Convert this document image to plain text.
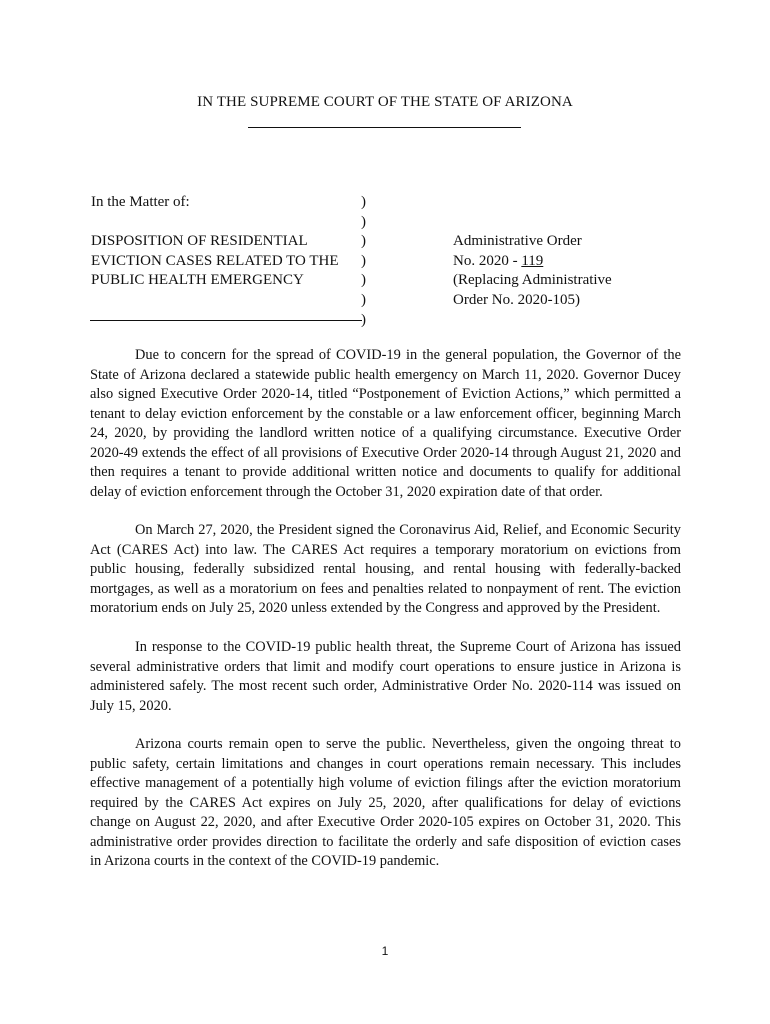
IN THE SUPREME COURT OF THE STATE OF ARIZONA
In the Matter of:
DISPOSITION OF RESIDENTIAL
EVICTION CASES RELATED TO THE
PUBLIC HEALTH EMERGENCY
)
)
)
)
)
)
)
Administrative Order
No. 2020 - 119
(Replacing Administrative
Order No. 2020-105)

Due to concern for the spread of COVID-19 in the general population, the Governor of the State of Arizona declared a statewide public health emergency on March 11, 2020. Governor Ducey also signed Executive Order 2020-14, titled “Postponement of Eviction Actions,” which permitted a tenant to delay eviction enforcement by the constable or a law enforcement officer, beginning March 24, 2020, by providing the landlord written notice of a qualifying circumstance. Executive Order 2020-49 extends the effect of all provisions of Executive Order 2020-14 through August 21, 2020 and then requires a tenant to provide additional written notice and documents to qualify for additional delay of eviction enforcement through the October 31, 2020 expiration date of that order.

On March 27, 2020, the President signed the Coronavirus Aid, Relief, and Economic Security Act (CARES Act) into law. The CARES Act requires a temporary moratorium on evictions from public housing, federally subsidized rental housing, and rental housing with federally-backed mortgages, as well as a moratorium on fees and penalties related to nonpayment of rent. The eviction moratorium ends on July 25, 2020 unless extended by the Congress and approved by the President.

In response to the COVID-19 public health threat, the Supreme Court of Arizona has issued several administrative orders that limit and modify court operations to ensure justice in Arizona is administered safely. The most recent such order, Administrative Order No. 2020-114 was issued on July 15, 2020.

Arizona courts remain open to serve the public. Nevertheless, given the ongoing threat to public safety, certain limitations and changes in court operations remain necessary. This includes effective management of a potentially high volume of eviction filings after the eviction moratorium required by the CARES Act expires on July 25, 2020, after qualifications for delay of evictions change on August 22, 2020, and after Executive Order 2020-105 expires on October 31, 2020. This administrative order provides direction to facilitate the orderly and safe disposition of eviction cases in Arizona courts in the context of the COVID-19 pandemic.

1
